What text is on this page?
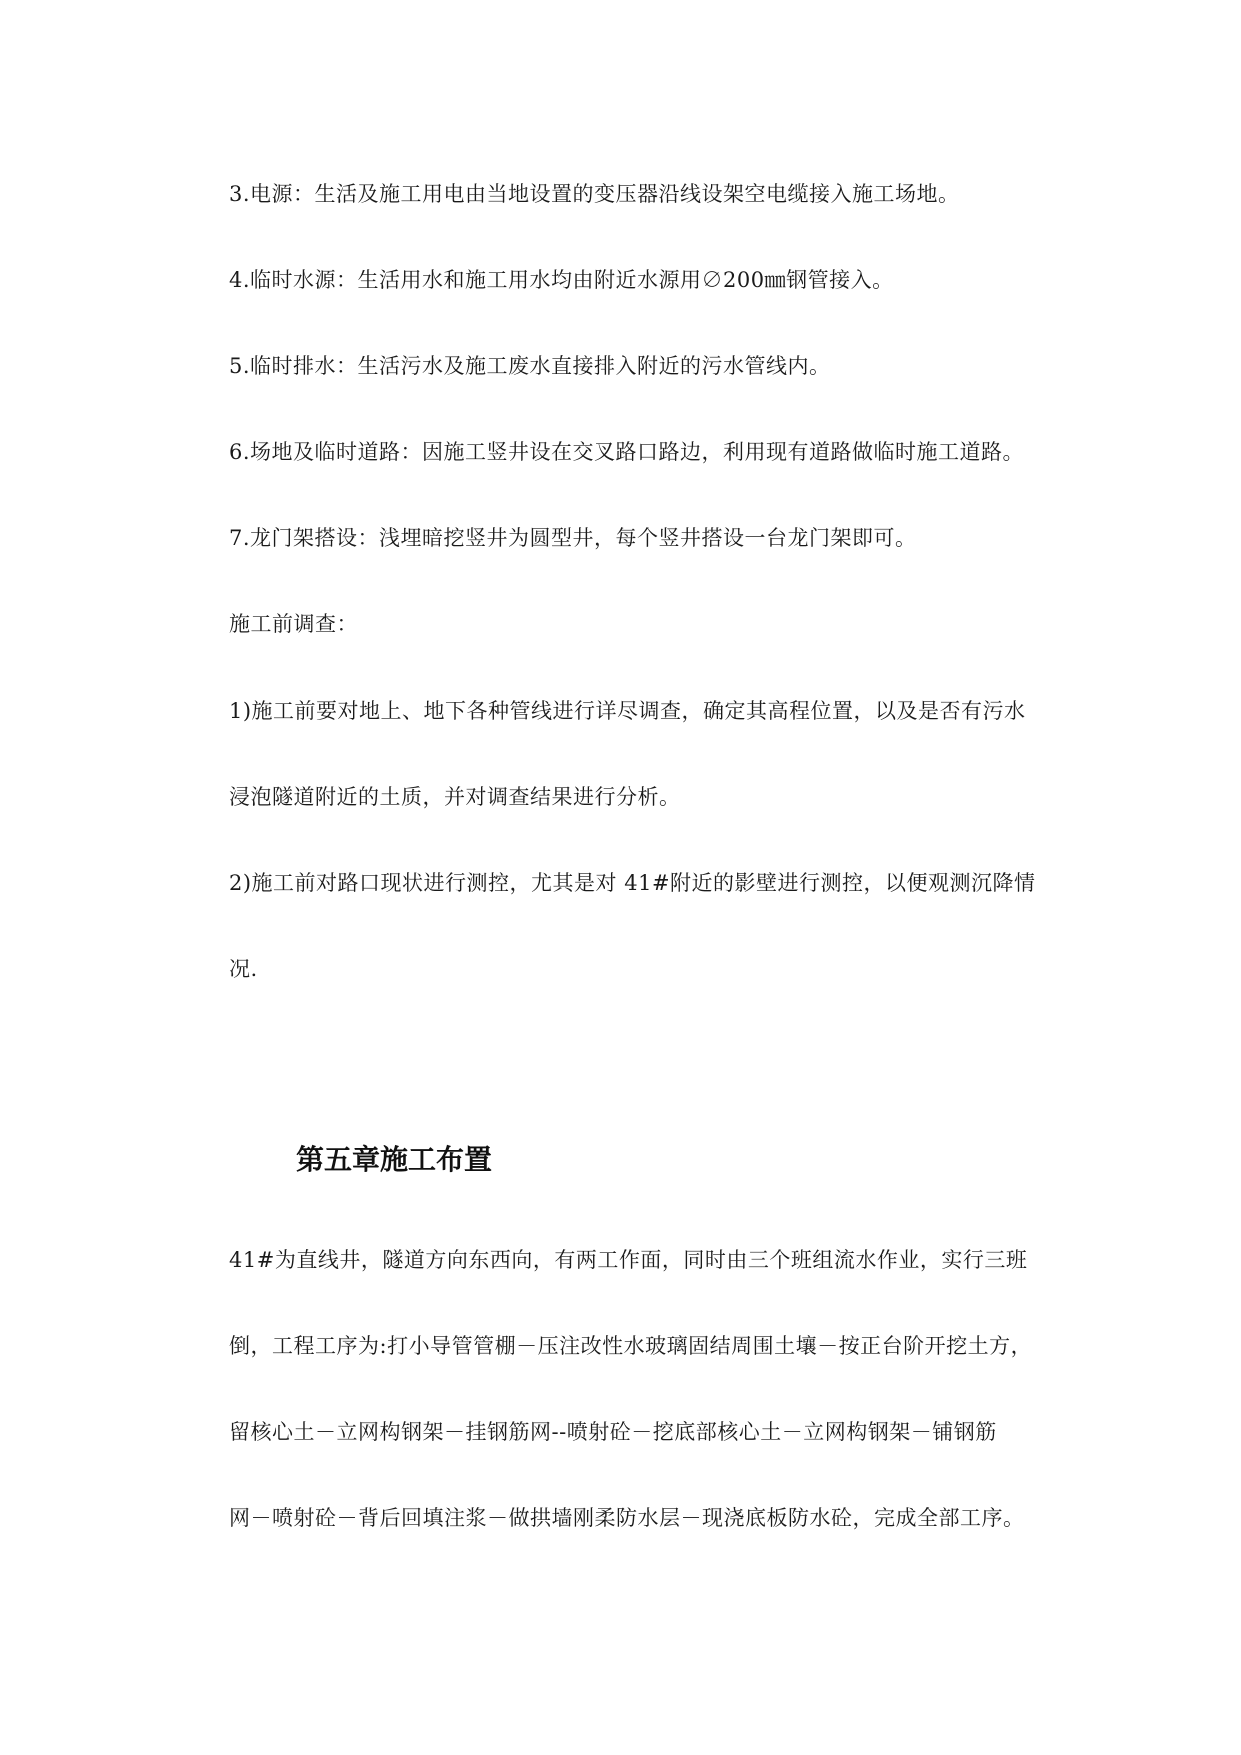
3.电源：生活及施工用电由当地设置的变压器沿线设架空电缆接入施工场地。
4.临时水源：生活用水和施工用水均由附近水源用∅200㎜钢管接入。
5.临时排水：生活污水及施工废水直接排入附近的污水管线内。
6.场地及临时道路：因施工竖井设在交叉路口路边，利用现有道路做临时施工道路。
7.龙门架搭设：浅埋暗挖竖井为圆型井，每个竖井搭设一台龙门架即可。
施工前调查：
1)施工前要对地上、地下各种管线进行详尽调查，确定其高程位置，以及是否有污水
浸泡隧道附近的土质，并对调查结果进行分析。
2)施工前对路口现状进行测控，尤其是对 41#附近的影壁进行测控，以便观测沉降情
况.
第五章施工布置
41#为直线井，隧道方向东西向，有两工作面，同时由三个班组流水作业，实行三班
倒，工程工序为:打小导管管棚－压注改性水玻璃固结周围土壤－按正台阶开挖土方，
留核心土－立网构钢架－挂钢筋网--喷射砼－挖底部核心土－立网构钢架－铺钢筋
网－喷射砼－背后回填注浆－做拱墙刚柔防水层－现浇底板防水砼，完成全部工序。
